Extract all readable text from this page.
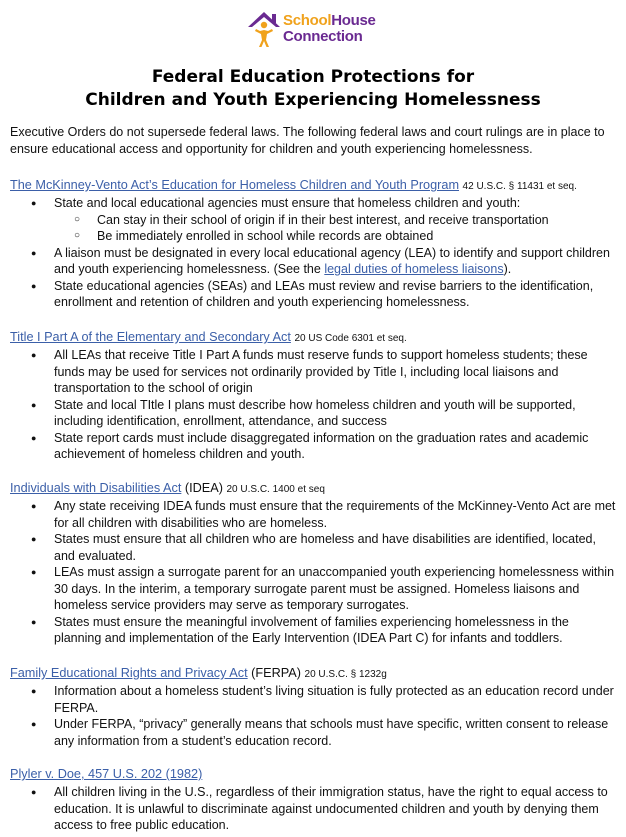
SchoolHouse
Connection
Federal Education Protections for
Children and Youth Experiencing Homelessness

Executive Orders do not supersede federal laws. The following federal laws and court rulings are in place to ensure educational access and opportunity for children and youth experiencing homelessness.

The McKinney-Vento Act’s Education for Homeless Children and Youth Program 42 U.S.C. § 11431 et seq.
● State and local educational agencies must ensure that homeless children and youth:
○ Can stay in their school of origin if in their best interest, and receive transportation
○ Be immediately enrolled in school while records are obtained
● A liaison must be designated in every local educational agency (LEA) to identify and support children and youth experiencing homelessness. (See the legal duties of homeless liaisons).
● State educational agencies (SEAs) and LEAs must review and revise barriers to the identification, enrollment and retention of children and youth experiencing homelessness.
Title I Part A of the Elementary and Secondary Act 20 US Code 6301 et seq.
● All LEAs that receive Title I Part A funds must reserve funds to support homeless students; these funds may be used for services not ordinarily provided by Title I, including local liaisons and transportation to the school of origin
● State and local TItle I plans must describe how homeless children and youth will be supported, including identification, enrollment, attendance, and success
● State report cards must include disaggregated information on the graduation rates and academic achievement of homeless children and youth.
Individuals with Disabilities Act (IDEA) 20 U.S.C. 1400 et seq
● Any state receiving IDEA funds must ensure that the requirements of the McKinney-Vento Act are met for all children with disabilities who are homeless.
● States must ensure that all children who are homeless and have disabilities are identified, located, and evaluated.
● LEAs must assign a surrogate parent for an unaccompanied youth experiencing homelessness within 30 days. In the interim, a temporary surrogate parent must be assigned. Homeless liaisons and homeless service providers may serve as temporary surrogates.
● States must ensure the meaningful involvement of families experiencing homelessness in the planning and implementation of the Early Intervention (IDEA Part C) for infants and toddlers.
Family Educational Rights and Privacy Act (FERPA) 20 U.S.C. § 1232g
● Information about a homeless student’s living situation is fully protected as an education record under FERPA.
● Under FERPA, “privacy” generally means that schools must have specific, written consent to release any information from a student’s education record.
Plyler v. Doe, 457 U.S. 202 (1982)
● All children living in the U.S., regardless of their immigration status, have the right to equal access to education. It is unlawful to discriminate against undocumented children and youth by denying them access to free public education.
